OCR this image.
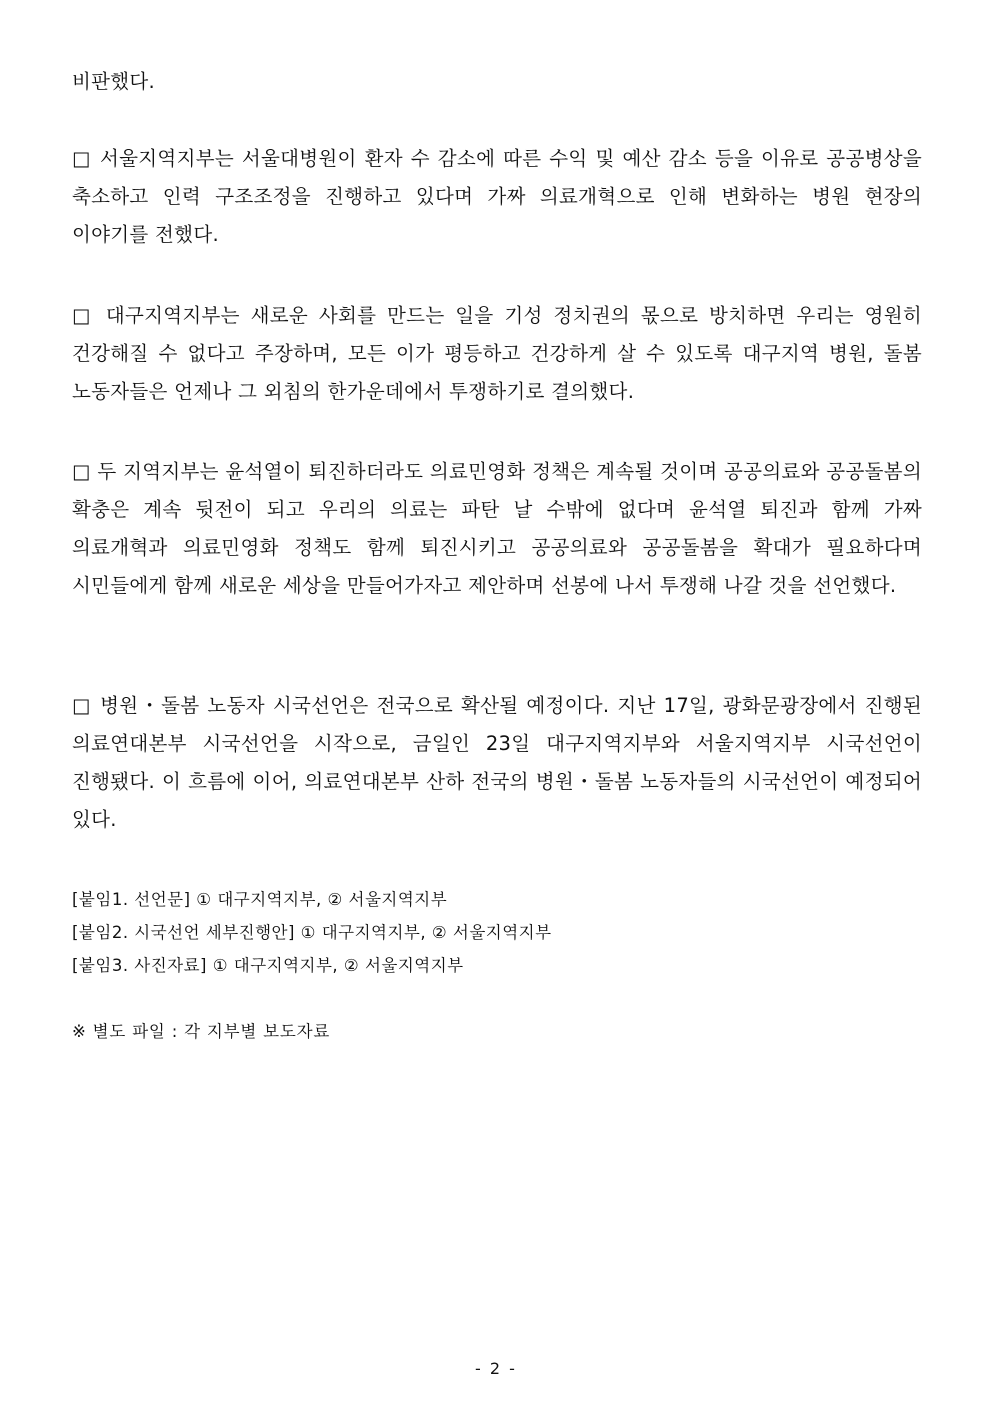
비판했다.

□ 서울지역지부는 서울대병원이 환자 수 감소에 따른 수익 및 예산 감소 등을 이유로 공공병상을 축소하고 인력 구조조정을 진행하고 있다며 가짜 의료개혁으로 인해 변화하는 병원 현장의 이야기를 전했다.

□ 대구지역지부는 새로운 사회를 만드는 일을 기성 정치권의 몫으로 방치하면 우리는 영원히 건강해질 수 없다고 주장하며, 모든 이가 평등하고 건강하게 살 수 있도록 대구지역 병원, 돌봄 노동자들은 언제나 그 외침의 한가운데에서 투쟁하기로 결의했다.

□ 두 지역지부는 윤석열이 퇴진하더라도 의료민영화 정책은 계속될 것이며 공공의료와 공공돌봄의 확충은 계속 뒷전이 되고 우리의 의료는 파탄 날 수밖에 없다며 윤석열 퇴진과 함께 가짜 의료개혁과 의료민영화 정책도 함께 퇴진시키고 공공의료와 공공돌봄을 확대가 필요하다며 시민들에게 함께 새로운 세상을 만들어가자고 제안하며 선봉에 나서 투쟁해 나갈 것을 선언했다.

□ 병원・돌봄 노동자 시국선언은 전국으로 확산될 예정이다. 지난 17일, 광화문광장에서 진행된 의료연대본부 시국선언을 시작으로, 금일인 23일 대구지역지부와 서울지역지부 시국선언이 진행됐다. 이 흐름에 이어, 의료연대본부 산하 전국의 병원・돌봄 노동자들의 시국선언이 예정되어 있다.

[붙임1. 선언문] ① 대구지역지부, ② 서울지역지부
[붙임2. 시국선언 세부진행안] ① 대구지역지부, ② 서울지역지부
[붙임3. 사진자료] ① 대구지역지부, ② 서울지역지부

※ 별도 파일 : 각 지부별 보도자료

- 2 -
